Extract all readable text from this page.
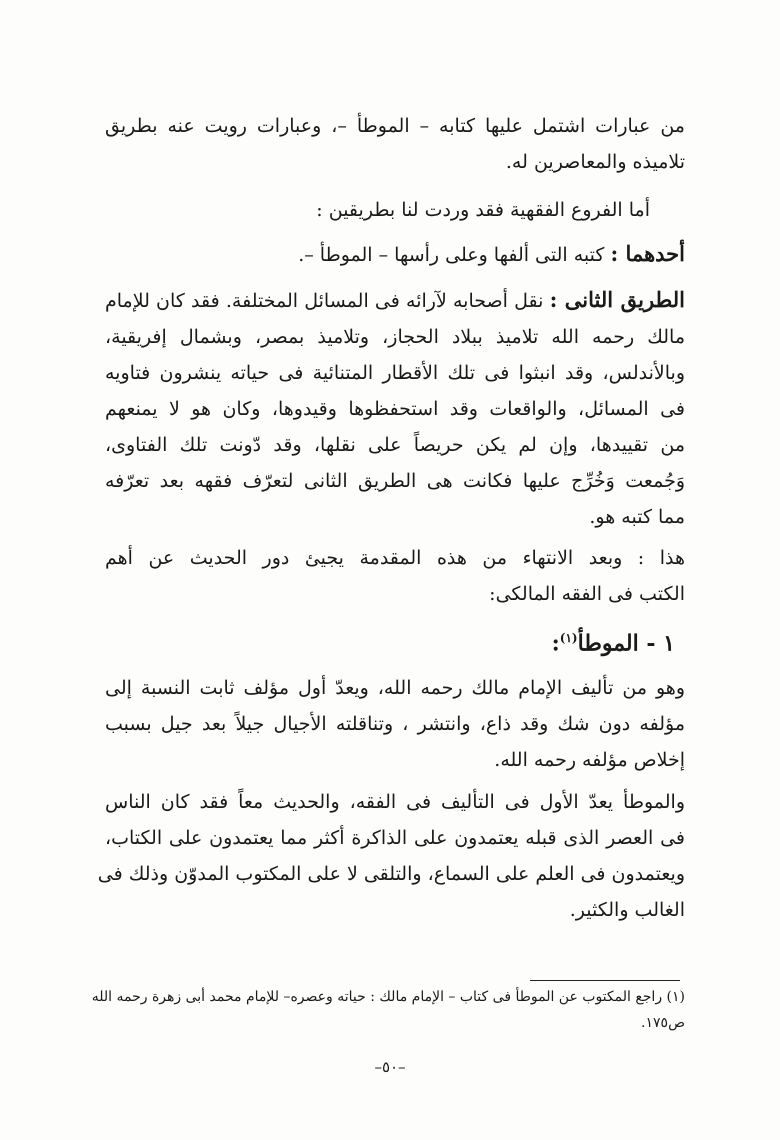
من عبارات اشتمل عليها كتابه – الموطأ –، وعبارات رويت عنه بطريق
تلاميذه والمعاصرين له.
أما الفروع الفقهية فقد وردت لنا بطريقين :
أحدهما : كتبه التى ألفها وعلى رأسها – الموطأ –.
الطريق الثانى : نقل أصحابه لآرائه فى المسائل المختلفة. فقد كان للإمام
مالك رحمه الله تلاميذ ببلاد الحجاز، وتلاميذ بمصر، وبشمال إفريقية،
وبالأندلس، وقد انبثوا فى تلك الأقطار المتنائية فى حياته ينشرون فتاويه
فى المسائل، والواقعات وقد استحفظوها وقيدوها، وكان هو لا يمنعهم
من تقييدها، وإن لم يكن حريصاً على نقلها، وقد دّونت تلك الفتاوى،
وَجُمعت وَخُرِّج عليها فكانت هى الطريق الثانى لتعرّف فقهه بعد تعرّفه
مما كتبه هو.
هذا : وبعد الانتهاء من هذه المقدمة يجيئ دور الحديث عن أهم
الكتب فى الفقه المالكى:
١ - الموطأ$^{(١)}$:
وهو من تأليف الإمام مالك رحمه الله، ويعدّ أول مؤلف ثابت النسبة إلى
مؤلفه دون شك وقد ذاع، وانتشر ، وتناقلته الأجيال جيلاً بعد جيل بسبب
إخلاص مؤلفه رحمه الله.
والموطأ يعدّ الأول فى التأليف فى الفقه، والحديث معاً فقد كان الناس
فى العصر الذى قبله يعتمدون على الذاكرة أكثر مما يعتمدون على الكتاب،
ويعتمدون فى العلم على السماع، والتلقى لا على المكتوب المدوّن وذلك فى
الغالب والكثير.
(١) راجع المكتوب عن الموطأ فى كتاب – الإمام مالك : حياته وعصره– للإمام محمد أبى زهرة رحمه الله
ص١٧٥.
–٥٠–
